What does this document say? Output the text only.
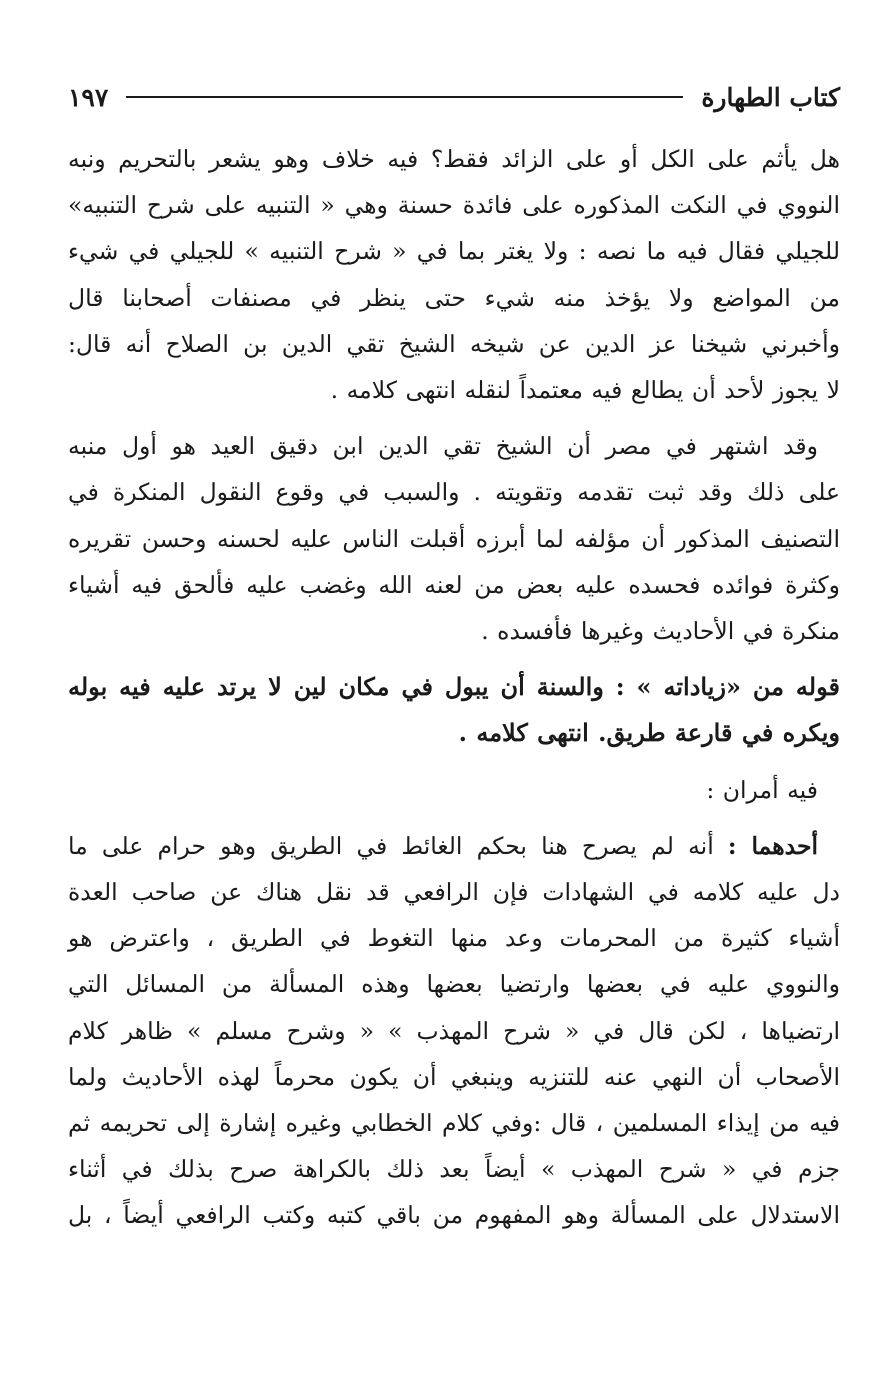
كتاب الطهارة
١٩٧

هل يأثم على الكل أو على الزائد فقط؟ فيه خلاف وهو يشعر بالتحريم ونبه
النووي في النكت المذكوره على فائدة حسنة وهي « التنبيه على شرح التنبيه»
للجيلي فقال فيه ما نصه : ولا يغتر بما في « شرح التنبيه » للجيلي في شيء
من المواضع ولا يؤخذ منه شيء حتى ينظر في مصنفات أصحابنا قال
وأخبرني شيخنا عز الدين عن شيخه الشيخ تقي الدين بن الصلاح أنه قال:
لا يجوز لأحد أن يطالع فيه معتمداً لنقله انتهى كلامه .

وقد اشتهر في مصر أن الشيخ تقي الدين ابن دقيق العيد هو أول منبه
على ذلك وقد ثبت تقدمه وتقويته . والسبب في وقوع النقول المنكرة في
التصنيف المذكور أن مؤلفه لما أبرزه أقبلت الناس عليه لحسنه وحسن تقريره
وكثرة فوائده فحسده عليه بعض من لعنه الله وغضب عليه فألحق فيه أشياء
منكرة في الأحاديث وغيرها فأفسده .

قوله من «زياداته » : والسنة أن يبول في مكان لين لا يرتد عليه فيه بوله
ويكره في قارعة طريق. انتهى كلامه .

فيه أمران :

أحدهما : أنه لم يصرح هنا بحكم الغائط في الطريق وهو حرام على ما
دل عليه كلامه في الشهادات فإن الرافعي قد نقل هناك عن صاحب العدة
أشياء كثيرة من المحرمات وعد منها التغوط في الطريق ، واعترض هو
والنووي عليه في بعضها وارتضيا بعضها وهذه المسألة من المسائل التي
ارتضياها ، لكن قال في « شرح المهذب » « وشرح مسلم » ظاهر كلام
الأصحاب أن النهي عنه للتنزيه وينبغي أن يكون محرماً لهذه الأحاديث ولما
فيه من إيذاء المسلمين ، قال :وفي كلام الخطابي وغيره إشارة إلى تحريمه ثم
جزم في « شرح المهذب » أيضاً بعد ذلك بالكراهة صرح بذلك في أثناء
الاستدلال على المسألة وهو المفهوم من باقي كتبه وكتب الرافعي أيضاً ، بل
